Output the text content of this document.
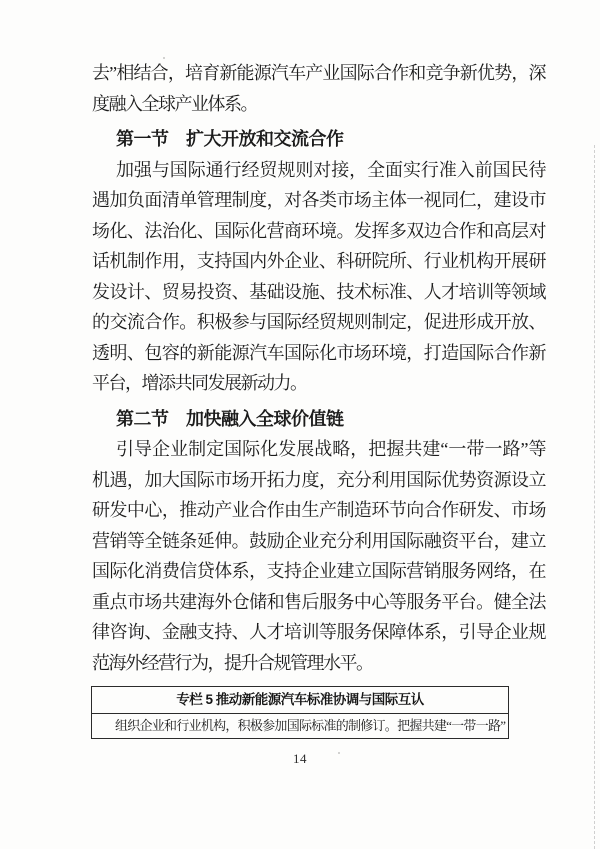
去”相结合，培育新能源汽车产业国际合作和竞争新优势，深
度融入全球产业体系。
第一节　扩大开放和交流合作
加强与国际通行经贸规则对接，全面实行准入前国民待
遇加负面清单管理制度，对各类市场主体一视同仁，建设市
场化、法治化、国际化营商环境。发挥多双边合作和高层对
话机制作用，支持国内外企业、科研院所、行业机构开展研
发设计、贸易投资、基础设施、技术标准、人才培训等领域
的交流合作。积极参与国际经贸规则制定，促进形成开放、
透明、包容的新能源汽车国际化市场环境，打造国际合作新
平台，增添共同发展新动力。
第二节　加快融入全球价值链
引导企业制定国际化发展战略，把握共建“一带一路”等
机遇，加大国际市场开拓力度，充分利用国际优势资源设立
研发中心，推动产业合作由生产制造环节向合作研发、市场
营销等全链条延伸。鼓励企业充分利用国际融资平台，建立
国际化消费信贷体系，支持企业建立国际营销服务网络，在
重点市场共建海外仓储和售后服务中心等服务平台。健全法
律咨询、金融支持、人才培训等服务保障体系，引导企业规
范海外经营行为，提升合规管理水平。
专栏 5 推动新能源汽车标准协调与国际互认
组织企业和行业机构，积极参加国际标准的制修订。把握共建“一带一路”
14
